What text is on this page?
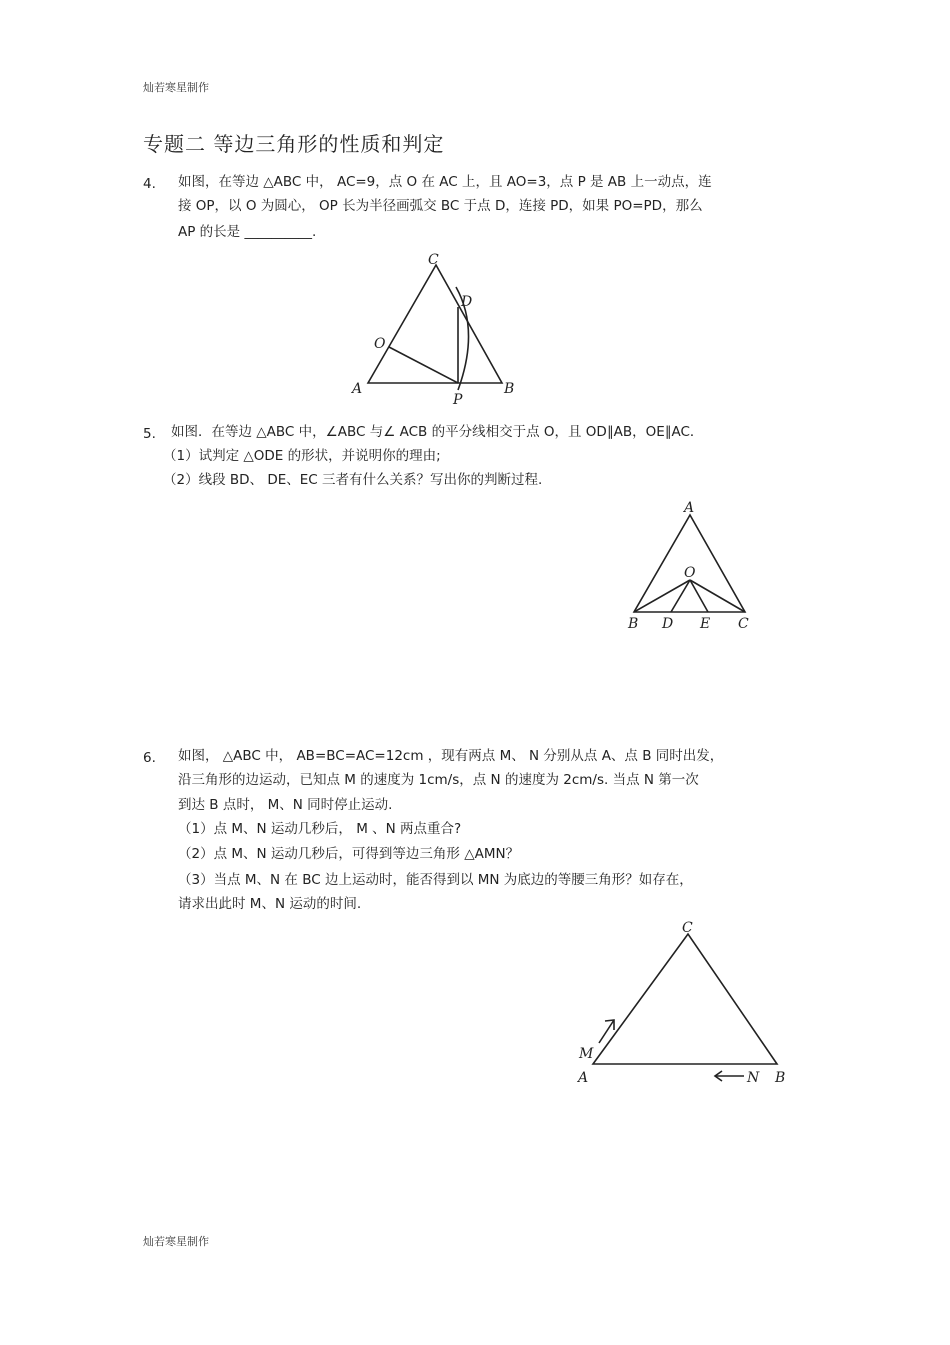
灿若寒星制作
专题二 等边三角形的性质和判定
4. 如图，在等边 △ABC 中， AC=9，点 O 在 AC 上，且 AO=3，点 P 是 AB 上一动点，连
接 OP，以 O 为圆心， OP 长为半径画弧交 BC 于点 D，连接 PD，如果 PO=PD，那么
AP 的长是 __________.
C
D
O
A	B
P
5. 如图．在等边 △ABC 中，∠ABC 与∠ ACB 的平分线相交于点 O，且 OD∥AB，OE∥AC．
（1）试判定 △ODE 的形状，并说明你的理由;
（2）线段 BD、 DE、EC 三者有什么关系？写出你的判断过程.
A
O
B D E C
6. 如图， △ABC 中， AB=BC=AC=12cm ，现有两点 M、 N 分别从点 A、点 B 同时出发，
沿三角形的边运动，已知点 M 的速度为 1cm/s，点 N 的速度为 2cm/s. 当点 N 第一次
到达 B 点时， M、N 同时停止运动.
（1）点 M、N 运动几秒后， M 、N 两点重合?
（2）点 M、N 运动几秒后，可得到等边三角形 △AMN？
（3）当点 M、N 在 BC 边上运动时，能否得到以 MN 为底边的等腰三角形？如存在，
请求出此时 M、N 运动的时间.
C
M
A	N B
灿若寒星制作
